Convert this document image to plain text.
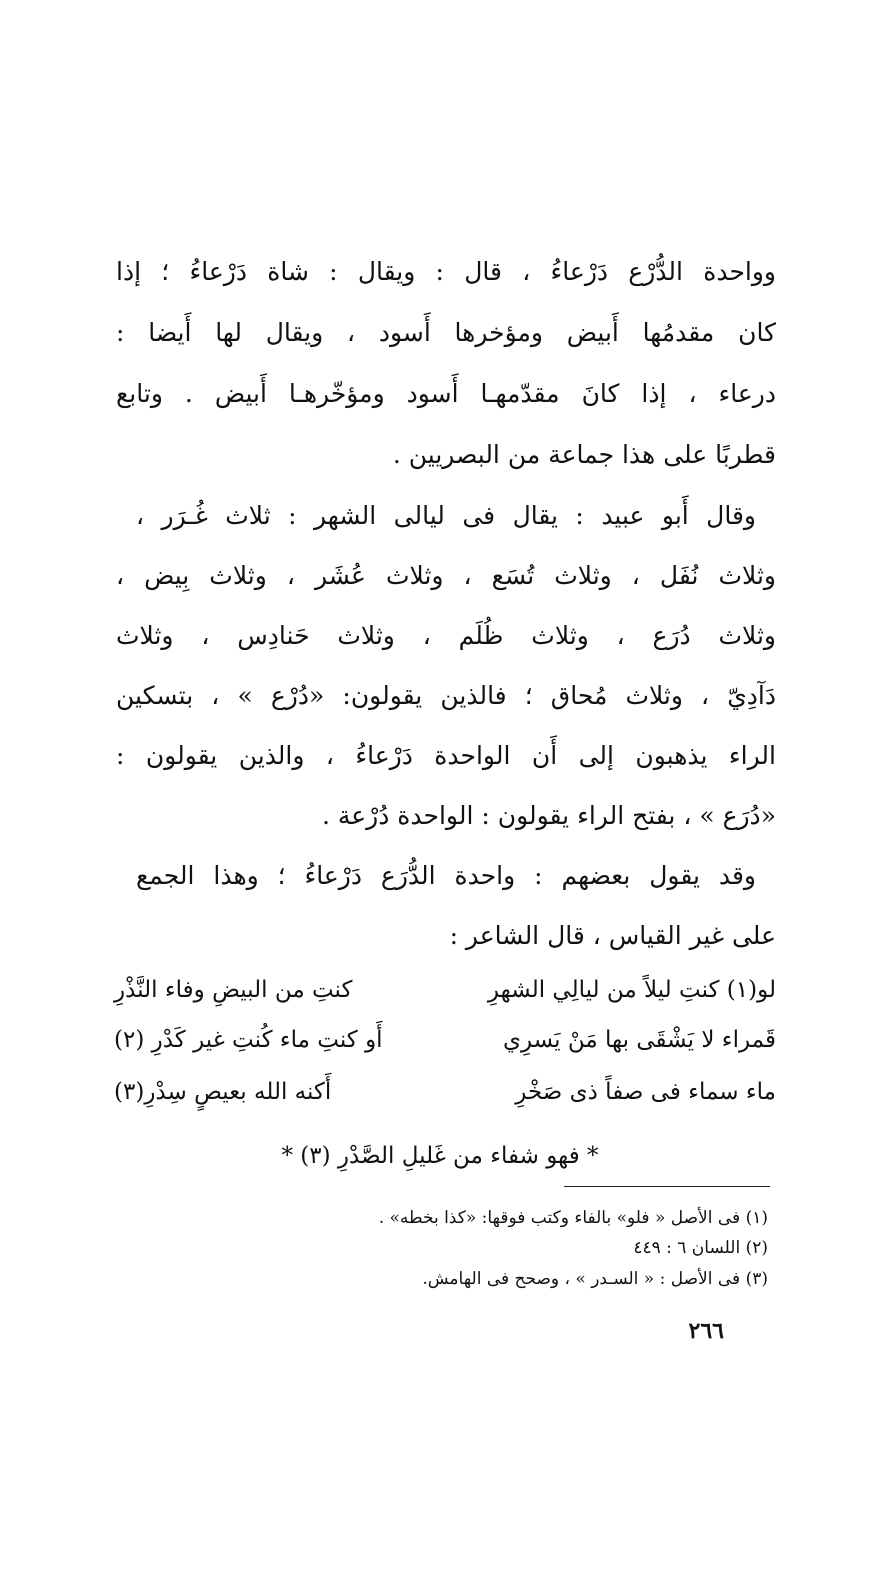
وواحدة الدُّرْع دَرْعاءُ ، قال : ويقال : شاة دَرْعاءُ ؛ إذا
كان مقدمُها أَبيض ومؤخرها أَسود ، ويقال لها أَيضا :
درعاء ، إذا كانَ مقدّمهـا أَسود ومؤخّرهـا أَبيض . وتابع
قطربًا على هذا جماعة من البصريين .
وقال أَبو عبيد : يقال فى ليالى الشهر : ثلاث غُـرَر ،
وثلاث نُفَل ، وثلاث تُسَع ، وثلاث عُشَر ، وثلاث بِيض ،
وثلاث دُرَع ، وثلاث ظُلَم ، وثلاث حَنادِس ، وثلاث
دَآدِيّ ، وثلاث مُحاق ؛ فالذين يقولون: «دُرْع » ، بتسكين
الراء يذهبون إلى أَن الواحدة دَرْعاءُ ، والذين يقولون :
«دُرَع » ، بفتح الراء يقولون : الواحدة دُرْعة .
وقد يقول بعضهم : واحدة الدُّرَع دَرْعاءُ ؛ وهذا الجمع
على غير القياس ، قال الشاعر :
لو(١) كنتِ ليلاً من ليالِي الشهرِ
كنتِ من البيضِ وفاء النَّذْرِ
قَمراء لا يَشْقَى بها مَنْ يَسرِي
أَو كنتِ ماء كُنتِ غير كَدْرِ (٢)
ماء سماء فى صفاً ذى صَخْرِ
أَكنه الله بعيصٍ سِدْرِ(٣)
* فهو شفاء من غَليلِ الصَّدْرِ (٣) *
(١) فى الأصل « فلو» بالفاء وكتب فوقها: «كذا بخطه» .
(٢) اللسان ٦ : ٤٤٩
(٣) فى الأصل : « السـدر » ، وصحح فى الهامش.
٢٦٦
